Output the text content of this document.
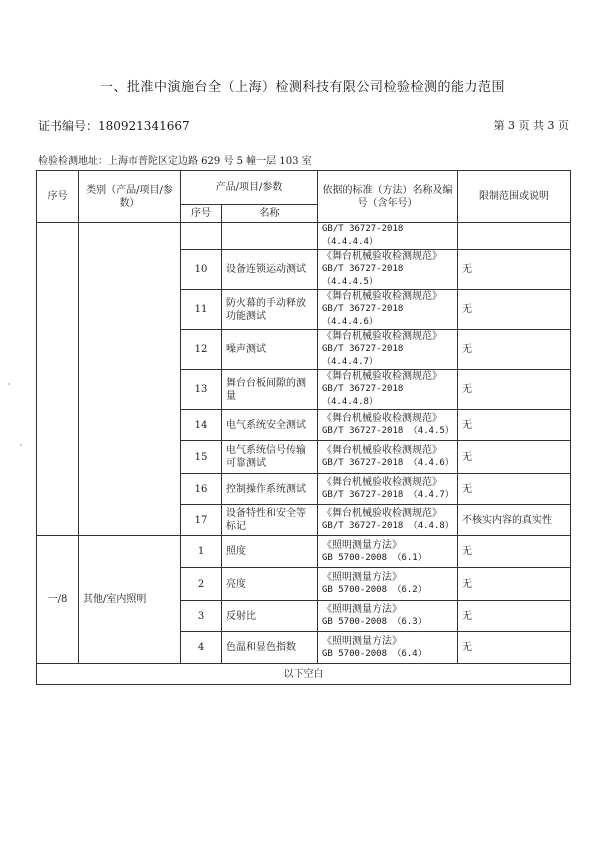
一、批准中演施台全（上海）检测科技有限公司检验检测的能力范围
证书编号：180921341667	第 3 页 共 3 页
检验检测地址：上海市普陀区定边路 629 号 5 幢一层 103 室
序号	类别（产品/项目/参数）	产品/项目/参数		依据的标准（方法）名称及编号（含年号）	限制范围或说明
		序号	名称		
				GB/T 36727-2018 （4.4.4.4）	
		10	设备连锁运动测试	《舞台机械验收检测规范》
GB/T 36727-2018 （4.4.4.5）	无
		11	防火幕的手动释放功能测试	《舞台机械验收检测规范》
GB/T 36727-2018 （4.4.4.6）	无
		12	噪声测试	《舞台机械验收检测规范》
GB/T 36727-2018 （4.4.4.7）	无
		13	舞台台板间隙的测量	《舞台机械验收检测规范》
GB/T 36727-2018 （4.4.4.8）	无
		14	电气系统安全测试	《舞台机械验收检测规范》
GB/T 36727-2018 （4.4.5）	无
		15	电气系统信号传输可靠测试	《舞台机械验收检测规范》
GB/T 36727-2018 （4.4.6）	无
		16	控制操作系统测试	《舞台机械验收检测规范》
GB/T 36727-2018 （4.4.7）	无
		17	设备特性和安全等标记	《舞台机械验收检测规范》
GB/T 36727-2018 （4.4.8）	不核实内容的真实性
一/8	其他/室内照明	1	照度	《照明测量方法》
GB 5700-2008 （6.1）	无
		2	亮度	《照明测量方法》
GB 5700-2008 （6.2）	无
		3	反射比	《照明测量方法》
GB 5700-2008 （6.3）	无
		4	色温和显色指数	《照明测量方法》
GB 5700-2008 （6.4）	无
以下空白					
